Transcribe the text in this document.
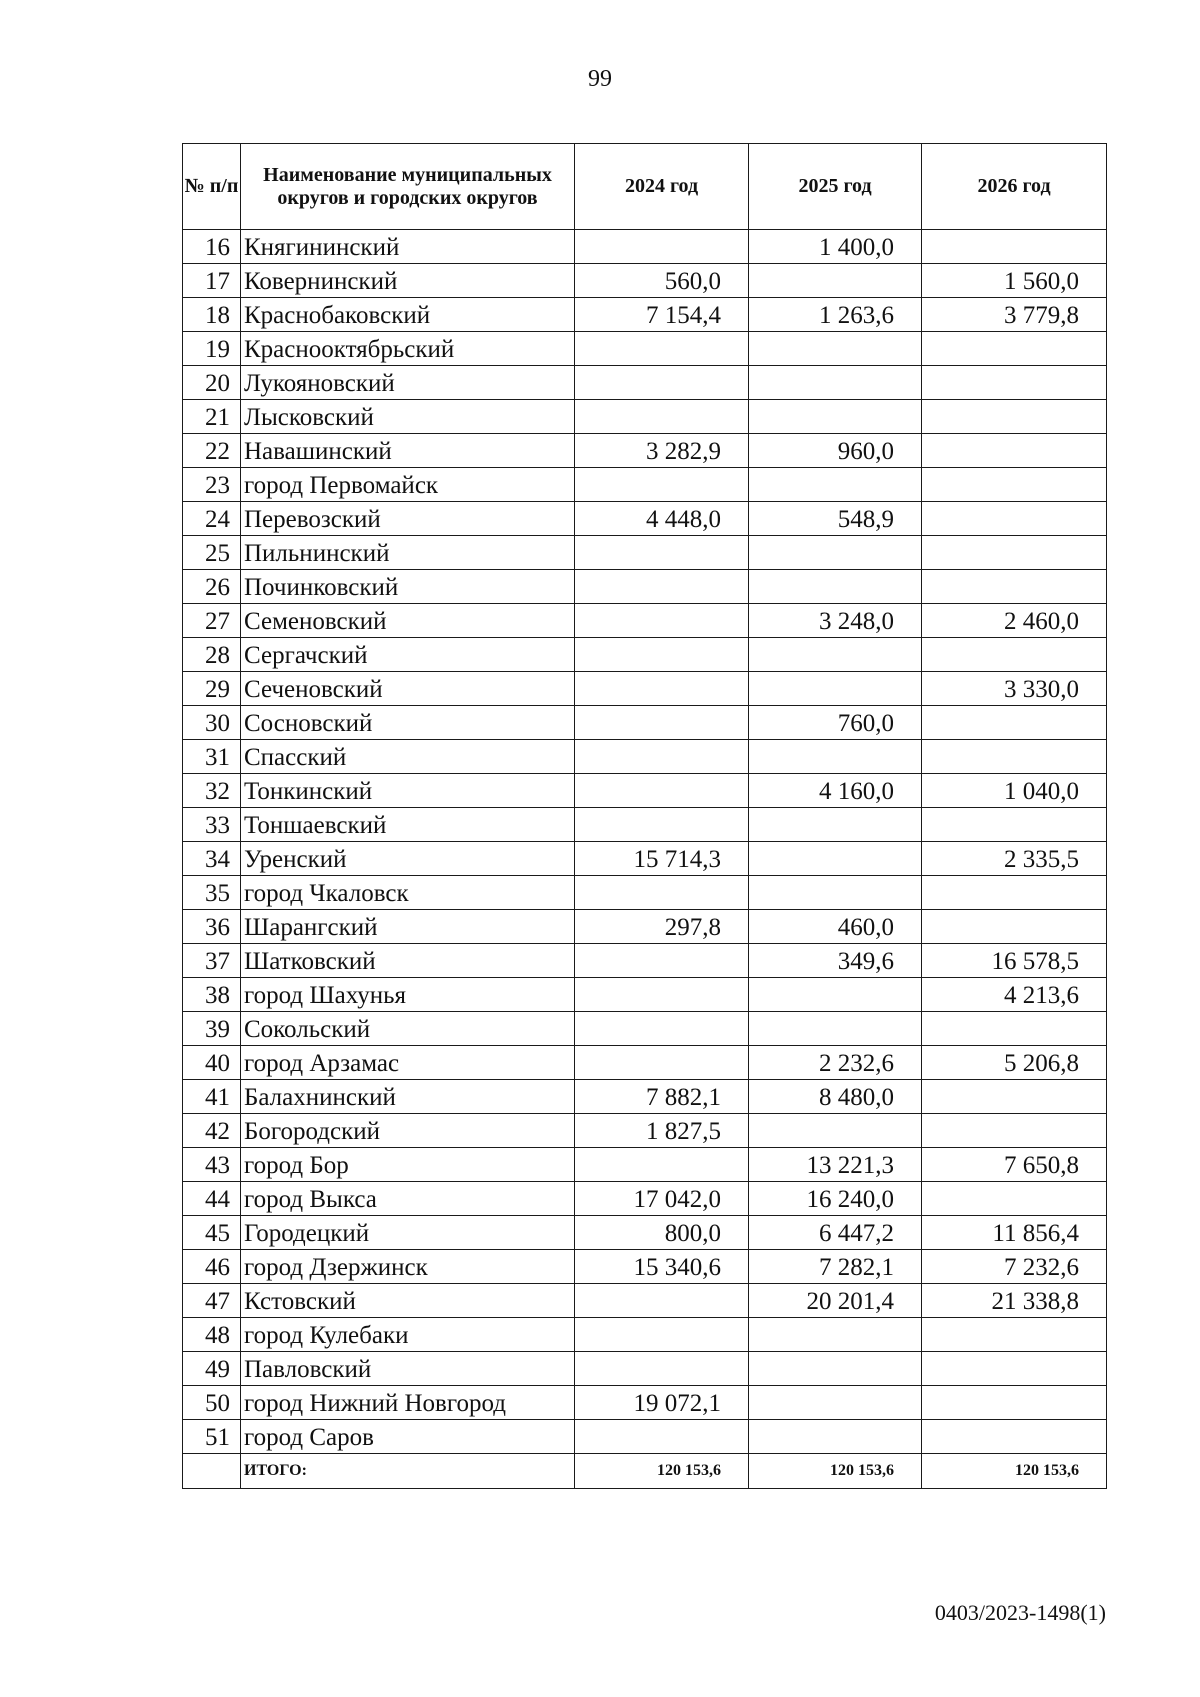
99
№ п/п	Наименование муниципальных округов и городских округов	2024 год	2025 год	2026 год
16	Княгининский		1 400,0	
17	Ковернинский	560,0		1 560,0
18	Краснобаковский	7 154,4	1 263,6	3 779,8
19	Краснооктябрьский			
20	Лукояновский			
21	Лысковский			
22	Навашинский	3 282,9	960,0	
23	город Первомайск			
24	Перевозский	4 448,0	548,9	
25	Пильнинский			
26	Починковский			
27	Семеновский		3 248,0	2 460,0
28	Сергачский			
29	Сеченовский			3 330,0
30	Сосновский		760,0	
31	Спасский			
32	Тонкинский		4 160,0	1 040,0
33	Тоншаевский			
34	Уренский	15 714,3		2 335,5
35	город Чкаловск			
36	Шарангский	297,8	460,0	
37	Шатковский		349,6	16 578,5
38	город Шахунья			4 213,6
39	Сокольский			
40	город Арзамас		2 232,6	5 206,8
41	Балахнинский	7 882,1	8 480,0	
42	Богородский	1 827,5		
43	город Бор		13 221,3	7 650,8
44	город Выкса	17 042,0	16 240,0	
45	Городецкий	800,0	6 447,2	11 856,4
46	город Дзержинск	15 340,6	7 282,1	7 232,6
47	Кстовский		20 201,4	21 338,8
48	город Кулебаки			
49	Павловский			
50	город Нижний Новгород	19 072,1		
51	город Саров			
	ИТОГО:	120 153,6	120 153,6	120 153,6
0403/2023-1498(1)
